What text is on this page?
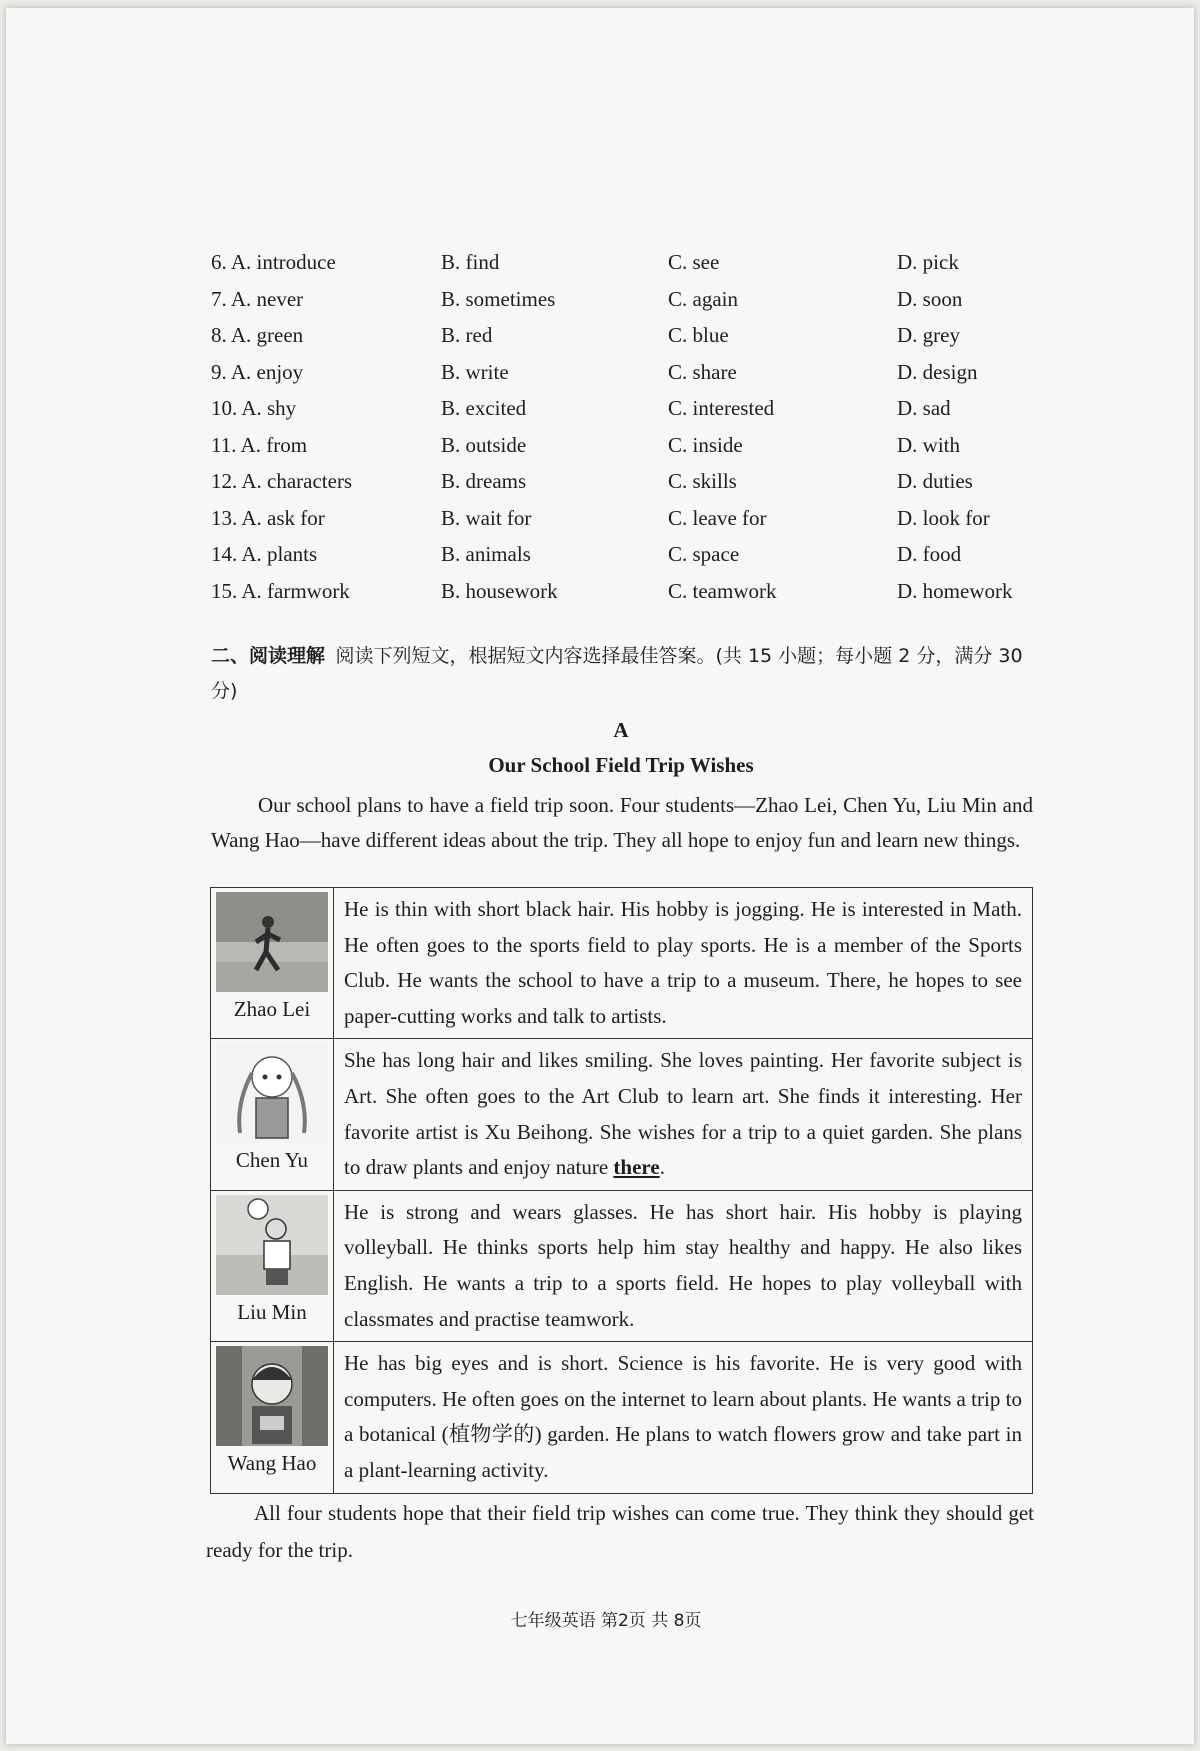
6. A. introduce	B. find	C. see	D. pick
7. A. never	B. sometimes	C. again	D. soon
8. A. green	B. red	C. blue	D. grey
9. A. enjoy	B. write	C. share	D. design
10. A. shy	B. excited	C. interested	D. sad
11. A. from	B. outside	C. inside	D. with
12. A. characters	B. dreams	C. skills	D. duties
13. A. ask for	B. wait for	C. leave for	D. look for
14. A. plants	B. animals	C. space	D. food
15. A. farmwork	B. housework	C. teamwork	D. homework
二、阅读理解 阅读下列短文，根据短文内容选择最佳答案。(共 15 小题；每小题 2 分，满分 30 分)
A
Our School Field Trip Wishes
Our school plans to have a field trip soon. Four students—Zhao Lei, Chen Yu, Liu Min and Wang Hao—have different ideas about the trip. They all hope to enjoy fun and learn new things.
Zhao Lei	He is thin with short black hair. His hobby is jogging. He is interested in Math. He often goes to the sports field to play sports. He is a member of the Sports Club. He wants the school to have a trip to a museum. There, he hopes to see paper-cutting works and talk to artists.

Chen Yu	She has long hair and likes smiling. She loves painting. Her favorite subject is Art. She often goes to the Art Club to learn art. She finds it interesting. Her favorite artist is Xu Beihong. She wishes for a trip to a quiet garden. She plans to draw plants and enjoy nature there.

Liu Min	He is strong and wears glasses. He has short hair. His hobby is playing volleyball. He thinks sports help him stay healthy and happy. He also likes English. He wants a trip to a sports field. He hopes to play volleyball with classmates and practise teamwork.

Wang Hao	He has big eyes and is short. Science is his favorite. He is very good with computers. He often goes on the internet to learn about plants. He wants a trip to a botanical (植物学的) garden. He plans to watch flowers grow and take part in a plant-learning activity.
All four students hope that their field trip wishes can come true. They think they should get ready for the trip.
七年级英语 第2页 共 8页
